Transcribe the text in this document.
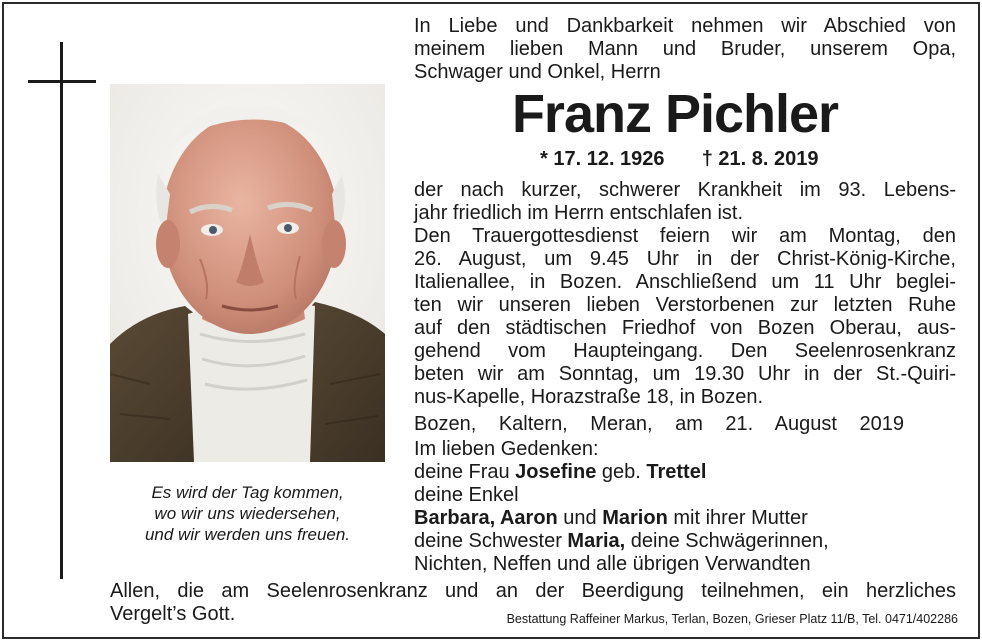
Es wird der Tag kommen,
wo wir uns wiedersehen,
und wir werden uns freuen.
In Liebe und Dankbarkeit nehmen wir Abschied von
meinem lieben Mann und Bruder, unserem Opa,
Schwager und Onkel, Herrn
Franz Pichler
* 17. 12. 1926 † 21. 8. 2019
der nach kurzer, schwerer Krankheit im 93. Lebens-
jahr friedlich im Herrn entschlafen ist.
Den Trauergottesdienst feiern wir am Montag, den
26. August, um 9.45 Uhr in der Christ-König-Kirche,
Italienallee, in Bozen. Anschließend um 11 Uhr beglei-
ten wir unseren lieben Verstorbenen zur letzten Ruhe
auf den städtischen Friedhof von Bozen Oberau, aus-
gehend vom Haupteingang. Den Seelenrosenkranz
beten wir am Sonntag, um 19.30 Uhr in der St.-Quiri-
nus-Kapelle, Horazstraße 18, in Bozen.
Bozen, Kaltern, Meran, am 21. August 2019
Im lieben Gedenken:
deine Frau Josefine geb. Trettel
deine Enkel
Barbara, Aaron und Marion mit ihrer Mutter
deine Schwester Maria, deine Schwägerinnen,
Nichten, Neffen und alle übrigen Verwandten
Allen, die am Seelenrosenkranz und an der Beerdigung teilnehmen, ein herzliches
Vergelt’s Gott.	Bestattung Raffeiner Markus, Terlan, Bozen, Grieser Platz 11/B, Tel. 0471/402286
